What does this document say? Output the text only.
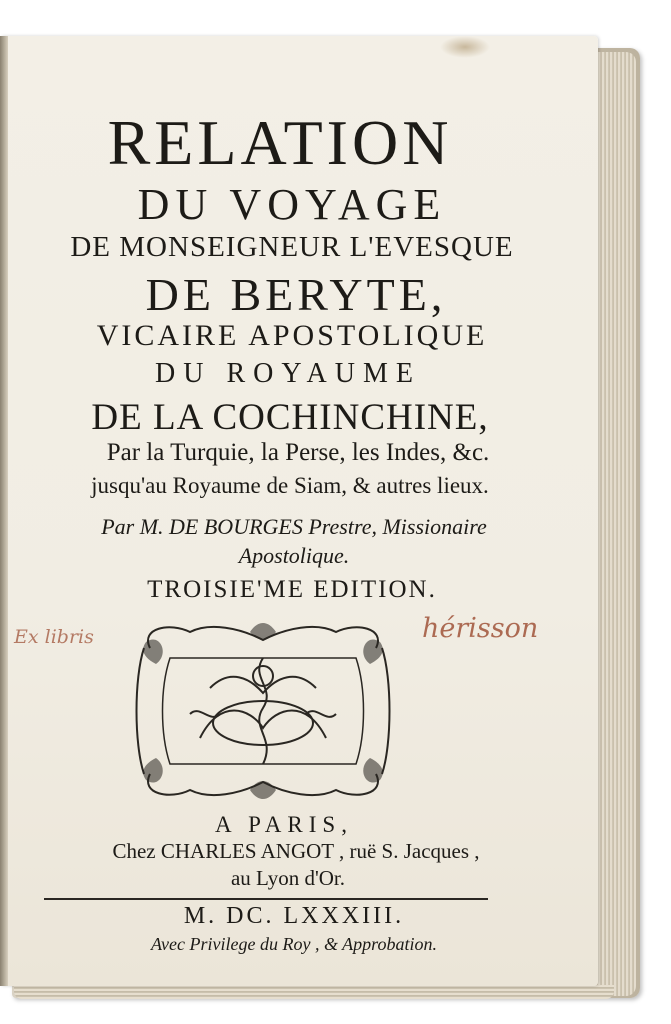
RELATION
DU VOYAGE
DE MONSEIGNEUR L'EVESQUE
DE BERYTE,
VICAIRE APOSTOLIQUE
DU ROYAUME
DE LA COCHINCHINE,
Par la Turquie, la Perse, les Indes, &c.
jusqu'au Royaume de Siam, & autres lieux.
Par M. DE BOURGES Prestre, Missionaire
Apostolique.
TROISIE'ME EDITION.
Ex libris	hérisson
A PARIS,
Chez CHARLES ANGOT , ruë S. Jacques ,
au Lyon d'Or.
M. DC. LXXXIII.
Avec Privilege du Roy , & Approbation.
